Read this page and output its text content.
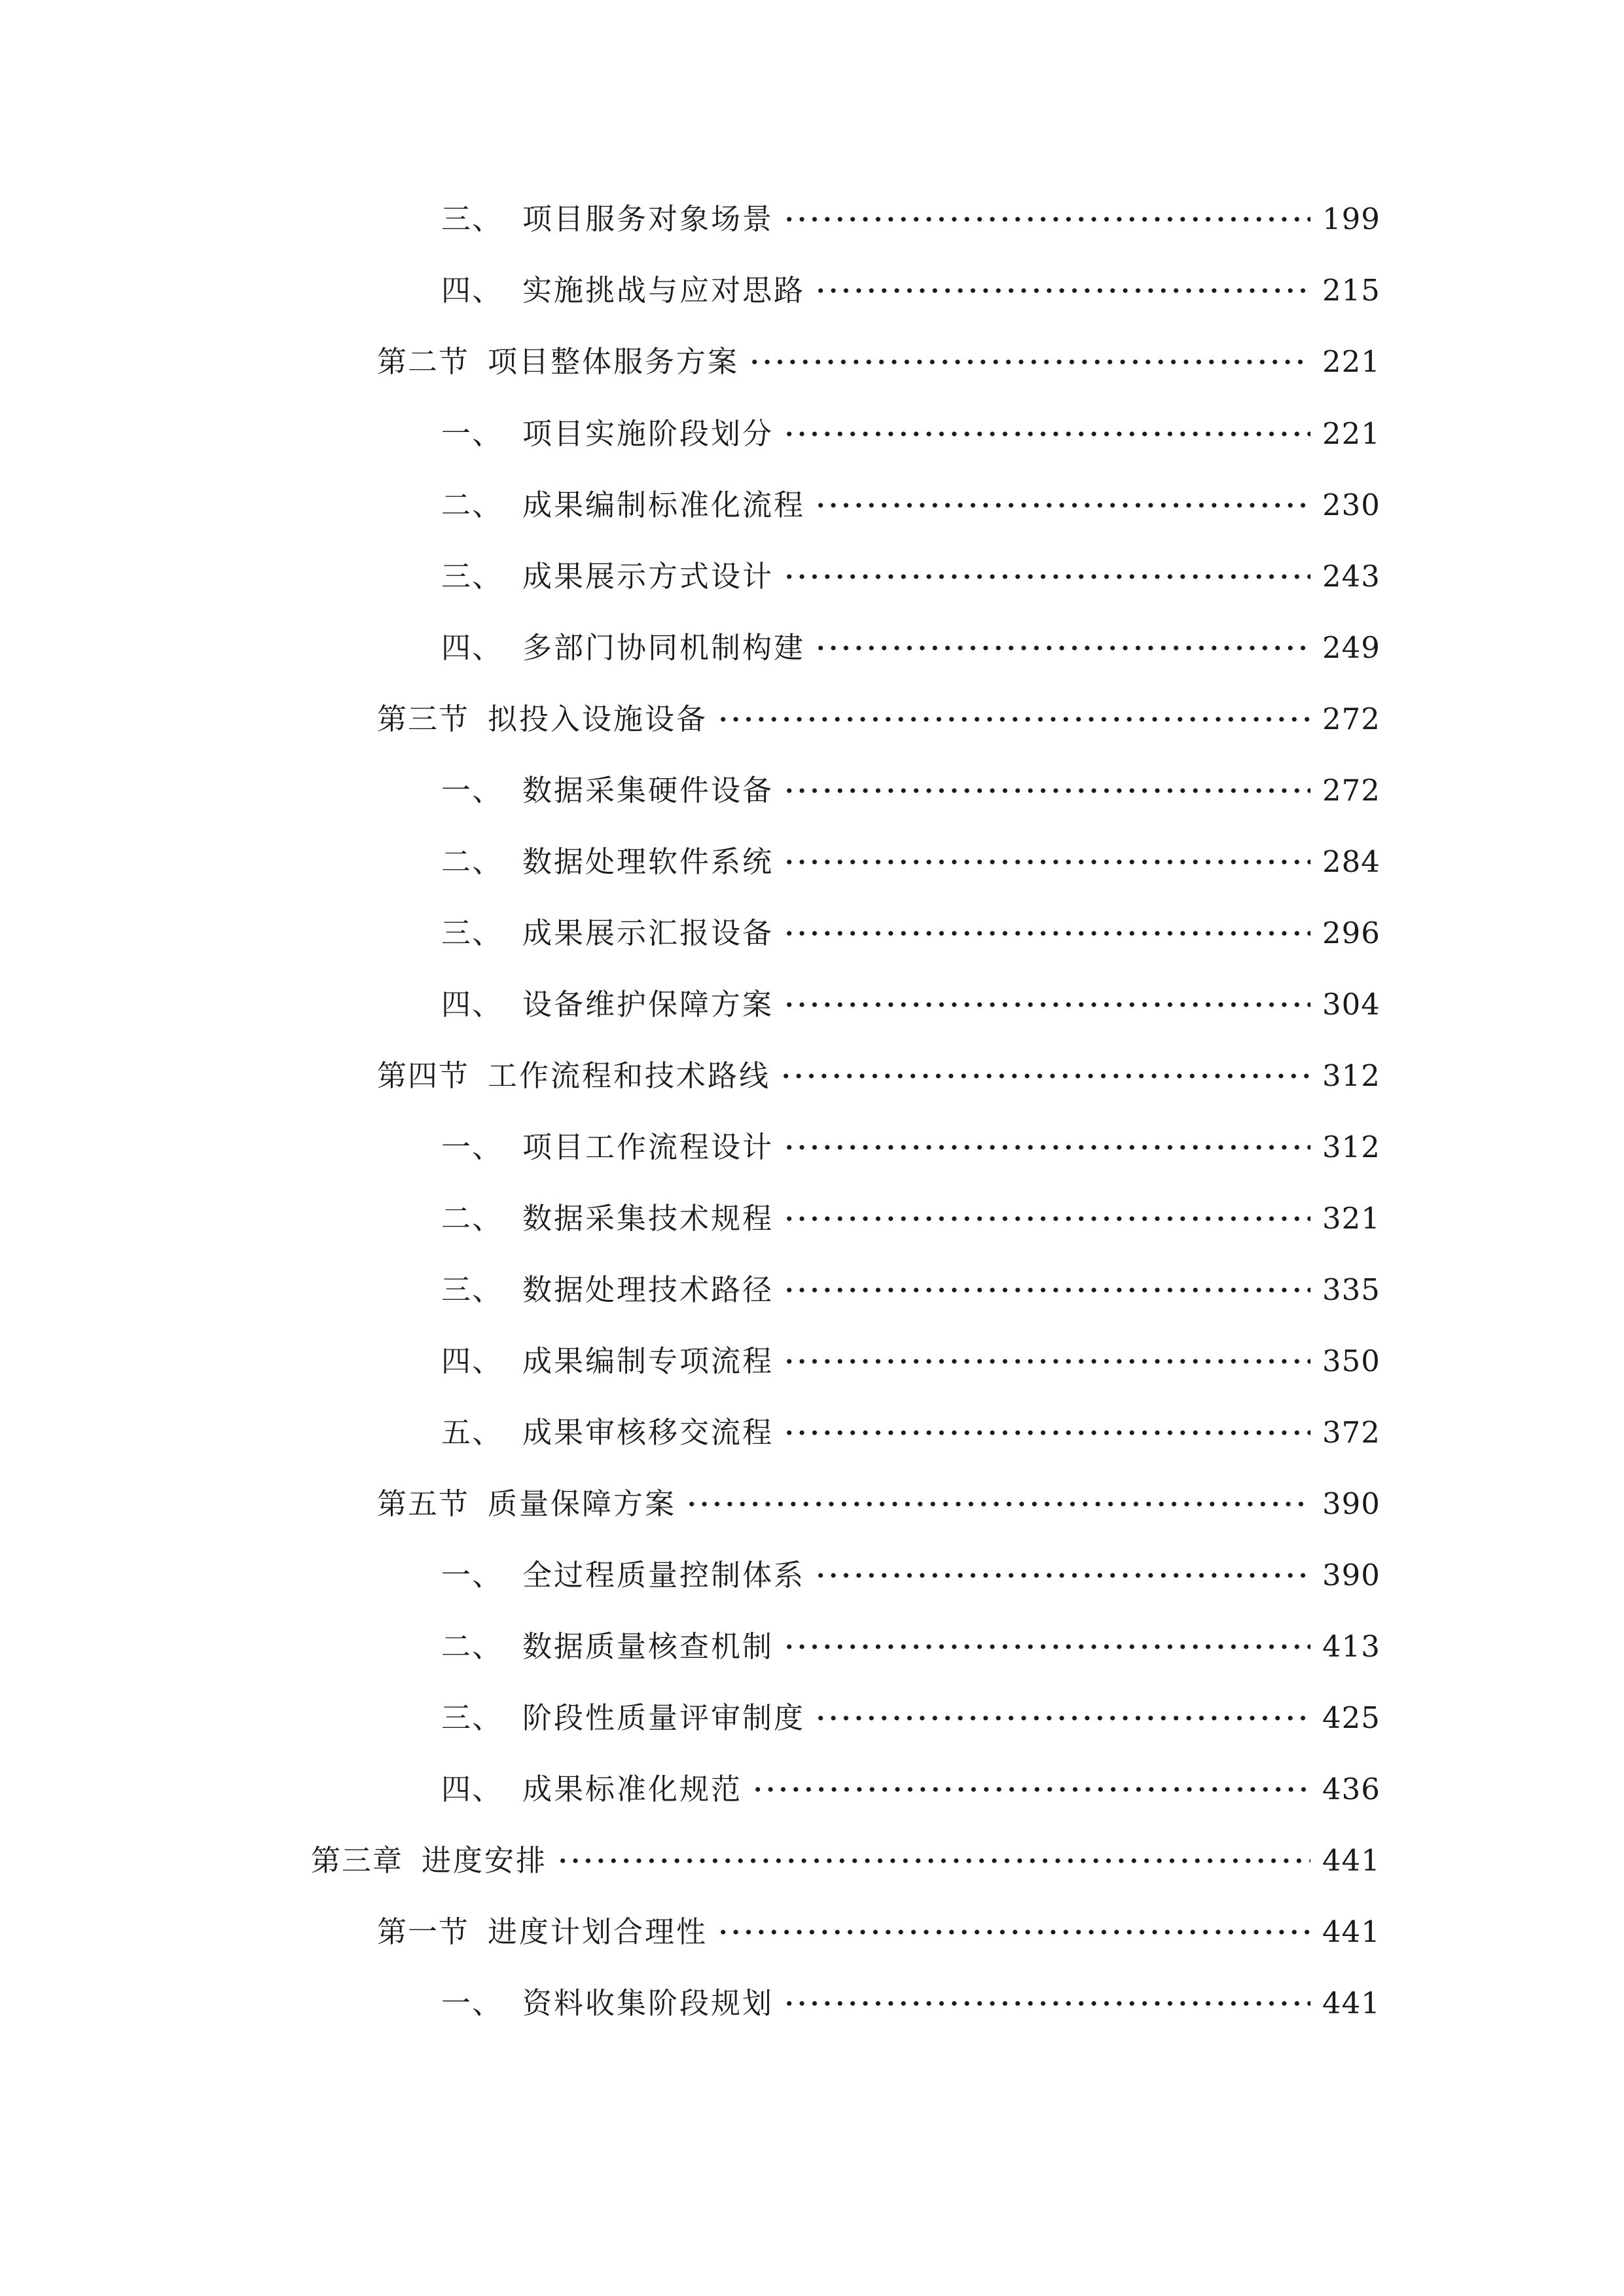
三、 项目服务对象场景	199
四、 实施挑战与应对思路	215
第二节 项目整体服务方案	221
一、 项目实施阶段划分	221
二、 成果编制标准化流程	230
三、 成果展示方式设计	243
四、 多部门协同机制构建	249
第三节 拟投入设施设备	272
一、 数据采集硬件设备	272
二、 数据处理软件系统	284
三、 成果展示汇报设备	296
四、 设备维护保障方案	304
第四节 工作流程和技术路线	312
一、 项目工作流程设计	312
二、 数据采集技术规程	321
三、 数据处理技术路径	335
四、 成果编制专项流程	350
五、 成果审核移交流程	372
第五节 质量保障方案	390
一、 全过程质量控制体系	390
二、 数据质量核查机制	413
三、 阶段性质量评审制度	425
四、 成果标准化规范	436
第三章 进度安排	441
第一节 进度计划合理性	441
一、 资料收集阶段规划	441
